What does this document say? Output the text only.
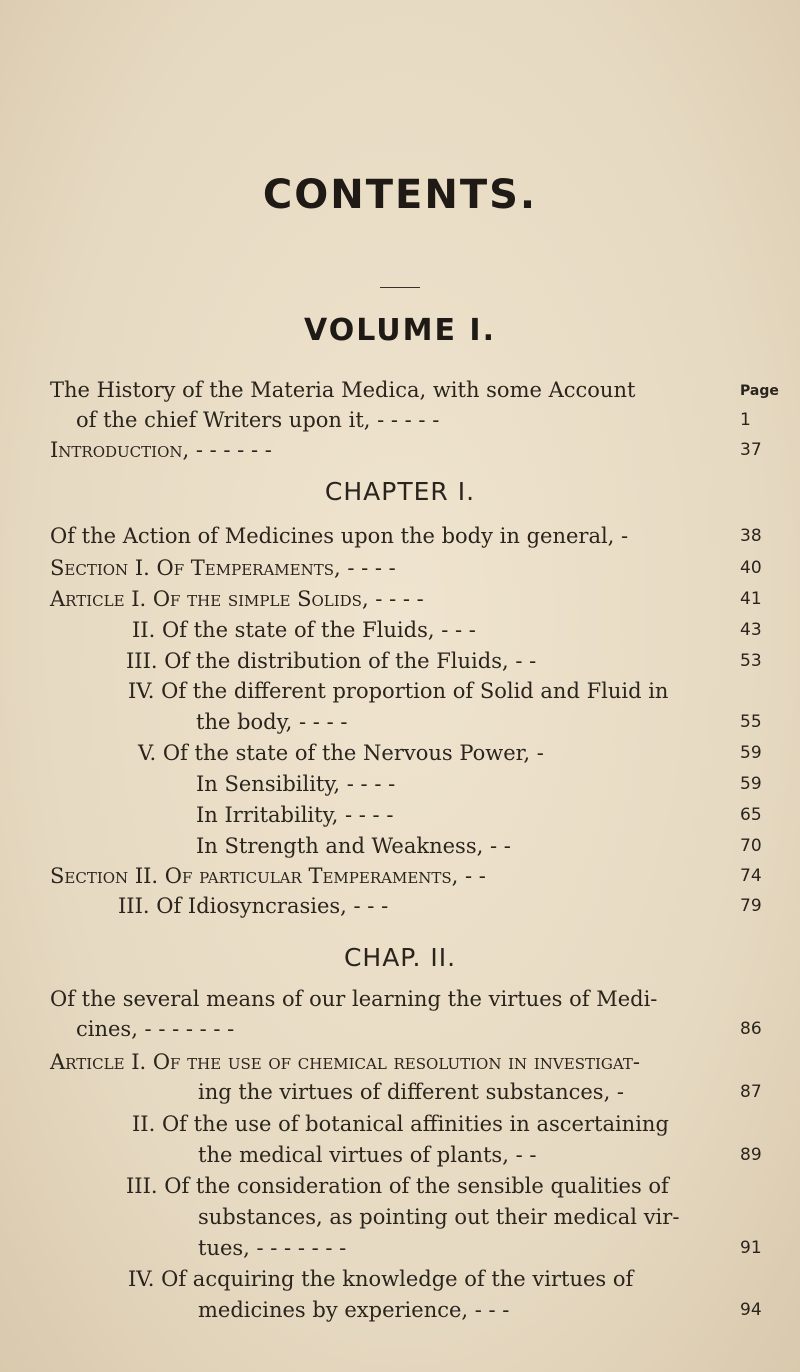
CONTENTS.
VOLUME I.
Page
The History of the Materia Medica, with some Account
of the chief Writers upon it, - - - - -	1
Introduction, - - - - - -	37
CHAPTER I.
Of the Action of Medicines upon the body in general, -	38
Section I. Of Temperaments, - - - -	40
Article I. Of the simple Solids, - - - -	41
II. Of the state of the Fluids, - - -	43
III. Of the distribution of the Fluids, - -	53
IV. Of the different proportion of Solid and Fluid in
the body, - - - -	55
V. Of the state of the Nervous Power, -	59
In Sensibility, - - - -	59
In Irritability, - - - -	65
In Strength and Weakness, - -	70
Section II. Of particular Temperaments, - -	74
III. Of Idiosyncrasies, - - -	79
CHAP. II.
Of the several means of our learning the virtues of Medi-
cines, - - - - - - -	86
Article I. Of the use of chemical resolution in investigat-
ing the virtues of different substances, -	87
II. Of the use of botanical affinities in ascertaining
the medical virtues of plants, - -	89
III. Of the consideration of the sensible qualities of
substances, as pointing out their medical vir-
tues, - - - - - - -	91
IV. Of acquiring the knowledge of the virtues of
medicines by experience, - - -	94
